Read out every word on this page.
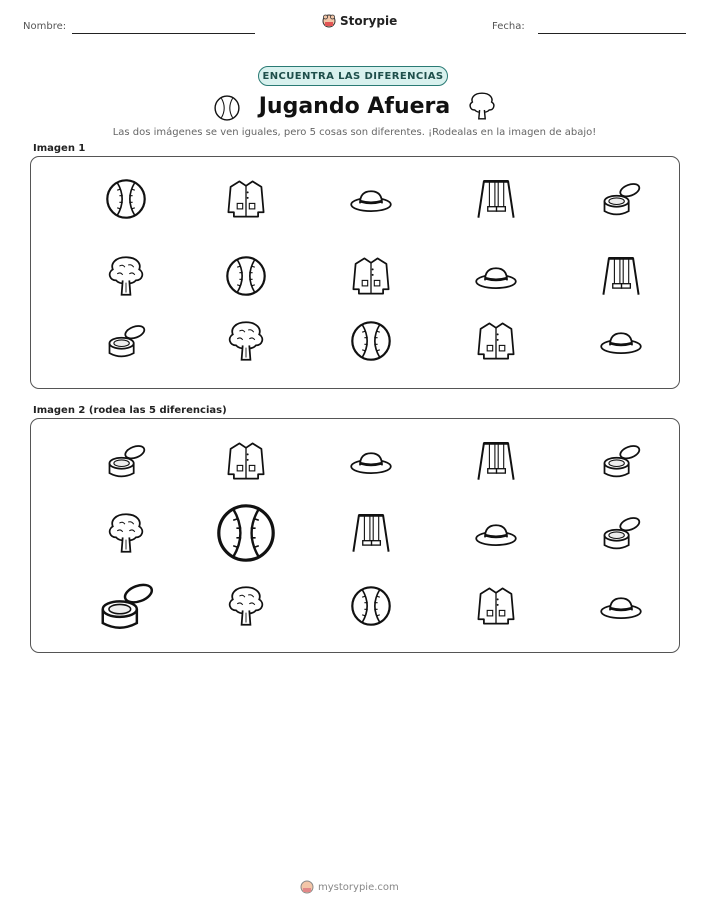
Nombre:	Storypie	Fecha:
ENCUENTRA LAS DIFERENCIAS
Jugando Afuera
Las dos imágenes se ven iguales, pero 5 cosas son diferentes. ¡Rodealas en la imagen de abajo!
Imagen 1
Imagen 2 (rodea las 5 diferencias)
mystorypie.com
